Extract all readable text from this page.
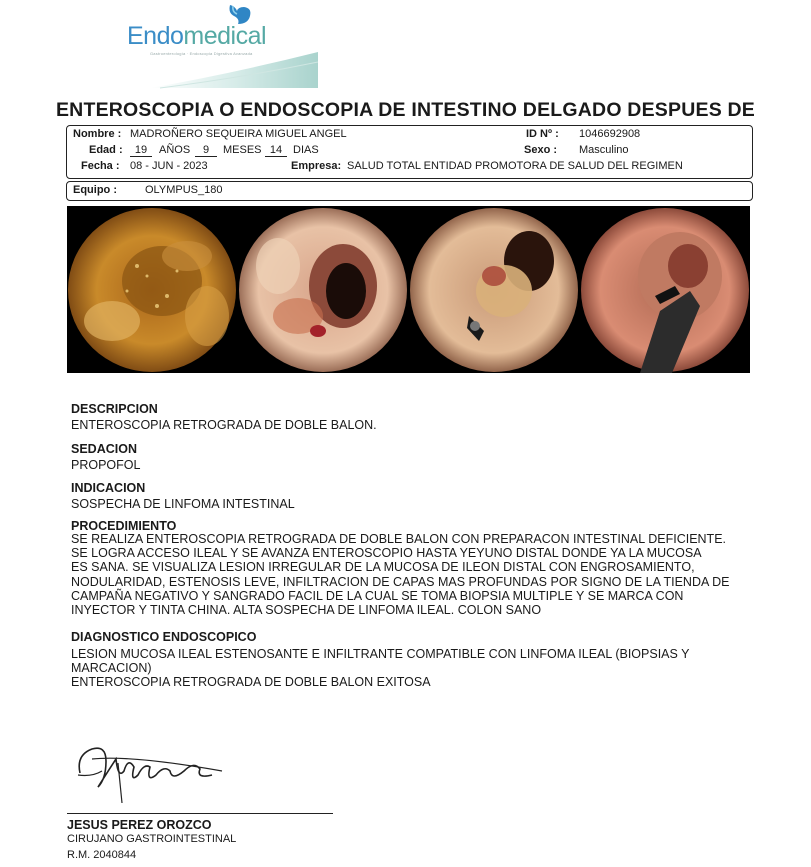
Endomedical
Gastroenterología · Endoscopia Digestiva Avanzada
ENTEROSCOPIA O ENDOSCOPIA DE INTESTINO DELGADO DESPUES DE
Nombre : MADROÑERO SEQUEIRA MIGUEL ANGEL	ID Nº : 1046692908
Edad :	19	AÑOS	9	MESES 14 DIAS	Sexo : Masculino
Fecha : 08 - JUN - 2023	Empresa: SALUD TOTAL ENTIDAD PROMOTORA DE SALUD DEL REGIMEN
Equipo :	OLYMPUS_180
DESCRIPCION
ENTEROSCOPIA RETROGRADA DE DOBLE BALON.
SEDACION
PROPOFOL
INDICACION
SOSPECHA DE LINFOMA INTESTINAL
PROCEDIMIENTO
SE REALIZA ENTEROSCOPIA RETROGRADA DE DOBLE BALON CON PREPARACON INTESTINAL DEFICIENTE.
SE LOGRA ACCESO ILEAL Y SE AVANZA ENTEROSCOPIO HASTA YEYUNO DISTAL DONDE YA LA MUCOSA
ES SANA. SE VISUALIZA LESION IRREGULAR DE LA MUCOSA DE ILEON DISTAL CON ENGROSAMIENTO,
NODULARIDAD, ESTENOSIS LEVE, INFILTRACION DE CAPAS MAS PROFUNDAS POR SIGNO DE LA TIENDA DE
CAMPAÑA NEGATIVO Y SANGRADO FACIL DE LA CUAL SE TOMA BIOPSIA MULTIPLE Y SE MARCA CON
INYECTOR Y TINTA CHINA. ALTA SOSPECHA DE LINFOMA ILEAL. COLON SANO
DIAGNOSTICO ENDOSCOPICO
LESION MUCOSA ILEAL ESTENOSANTE E INFILTRANTE COMPATIBLE CON LINFOMA ILEAL (BIOPSIAS Y
MARCACION)
ENTEROSCOPIA RETROGRADA DE DOBLE BALON EXITOSA
JESUS PEREZ OROZCO
CIRUJANO GASTROINTESTINAL
R.M. 2040844
